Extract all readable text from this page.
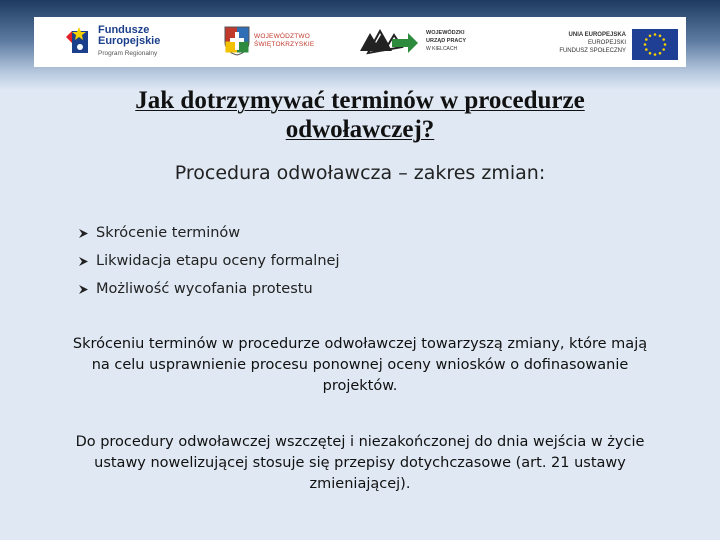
Fundusze
Europejskie
Program Regionalny
WOJEWÓDZTWO
ŚWIĘTOKRZYSKIE
WOJEWÓDZKI
URZĄD PRACY
W KIELCACH
UNIA EUROPEJSKA
EUROPEJSKI
FUNDUSZ SPOŁECZNY
Jak dotrzymywać terminów w procedurze
odwoławczej?
Procedura odwoławcza – zakres zmian:
Skrócenie terminów
Likwidacja etapu oceny formalnej
Możliwość wycofania protestu

Skróceniu terminów w procedurze odwoławczej towarzyszą zmiany, które mają na celu usprawnienie procesu ponownej oceny wniosków o dofinasowanie projektów.

Do procedury odwoławczej wszczętej i niezakończonej do dnia wejścia w życie ustawy nowelizującej stosuje się przepisy dotychczasowe (art. 21 ustawy zmieniającej).
